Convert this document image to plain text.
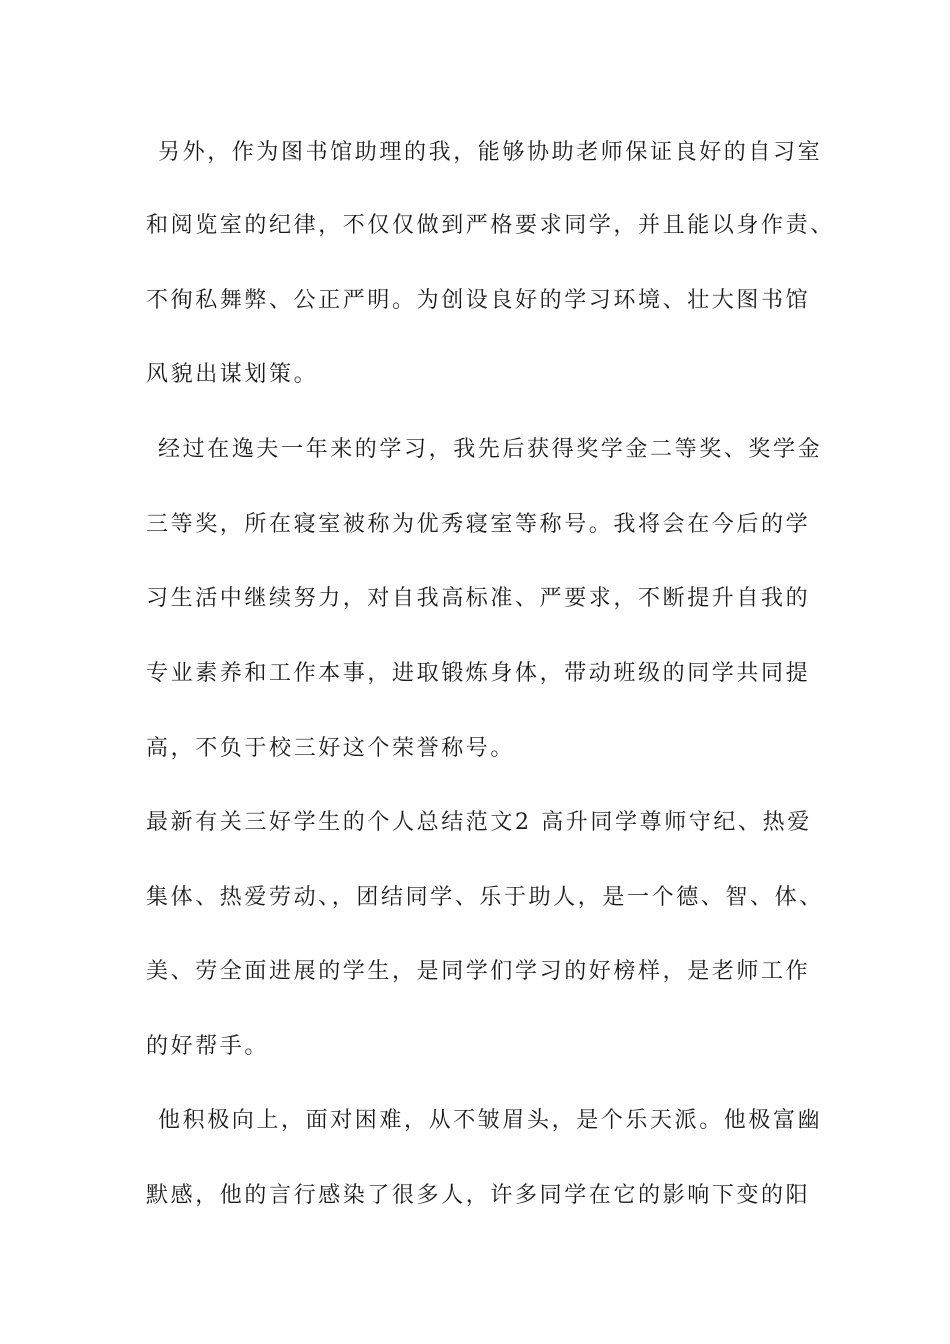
另外，作为图书馆助理的我，能够协助老师保证良好的自习室
和阅览室的纪律，不仅仅做到严格要求同学，并且能以身作责、
不徇私舞弊、公正严明。为创设良好的学习环境、壮大图书馆
风貌出谋划策。
经过在逸夫一年来的学习，我先后获得奖学金二等奖、奖学金
三等奖，所在寝室被称为优秀寝室等称号。我将会在今后的学
习生活中继续努力，对自我高标准、严要求，不断提升自我的
专业素养和工作本事，进取锻炼身体，带动班级的同学共同提
高，不负于校三好这个荣誉称号。
最新有关三好学生的个人总结范文2 高升同学尊师守纪、热爱
集体、热爱劳动、，团结同学、乐于助人，是一个德、智、体、
美、劳全面进展的学生，是同学们学习的好榜样，是老师工作
的好帮手。
他积极向上，面对困难，从不皱眉头，是个乐天派。他极富幽
默感，他的言行感染了很多人，许多同学在它的影响下变的阳
